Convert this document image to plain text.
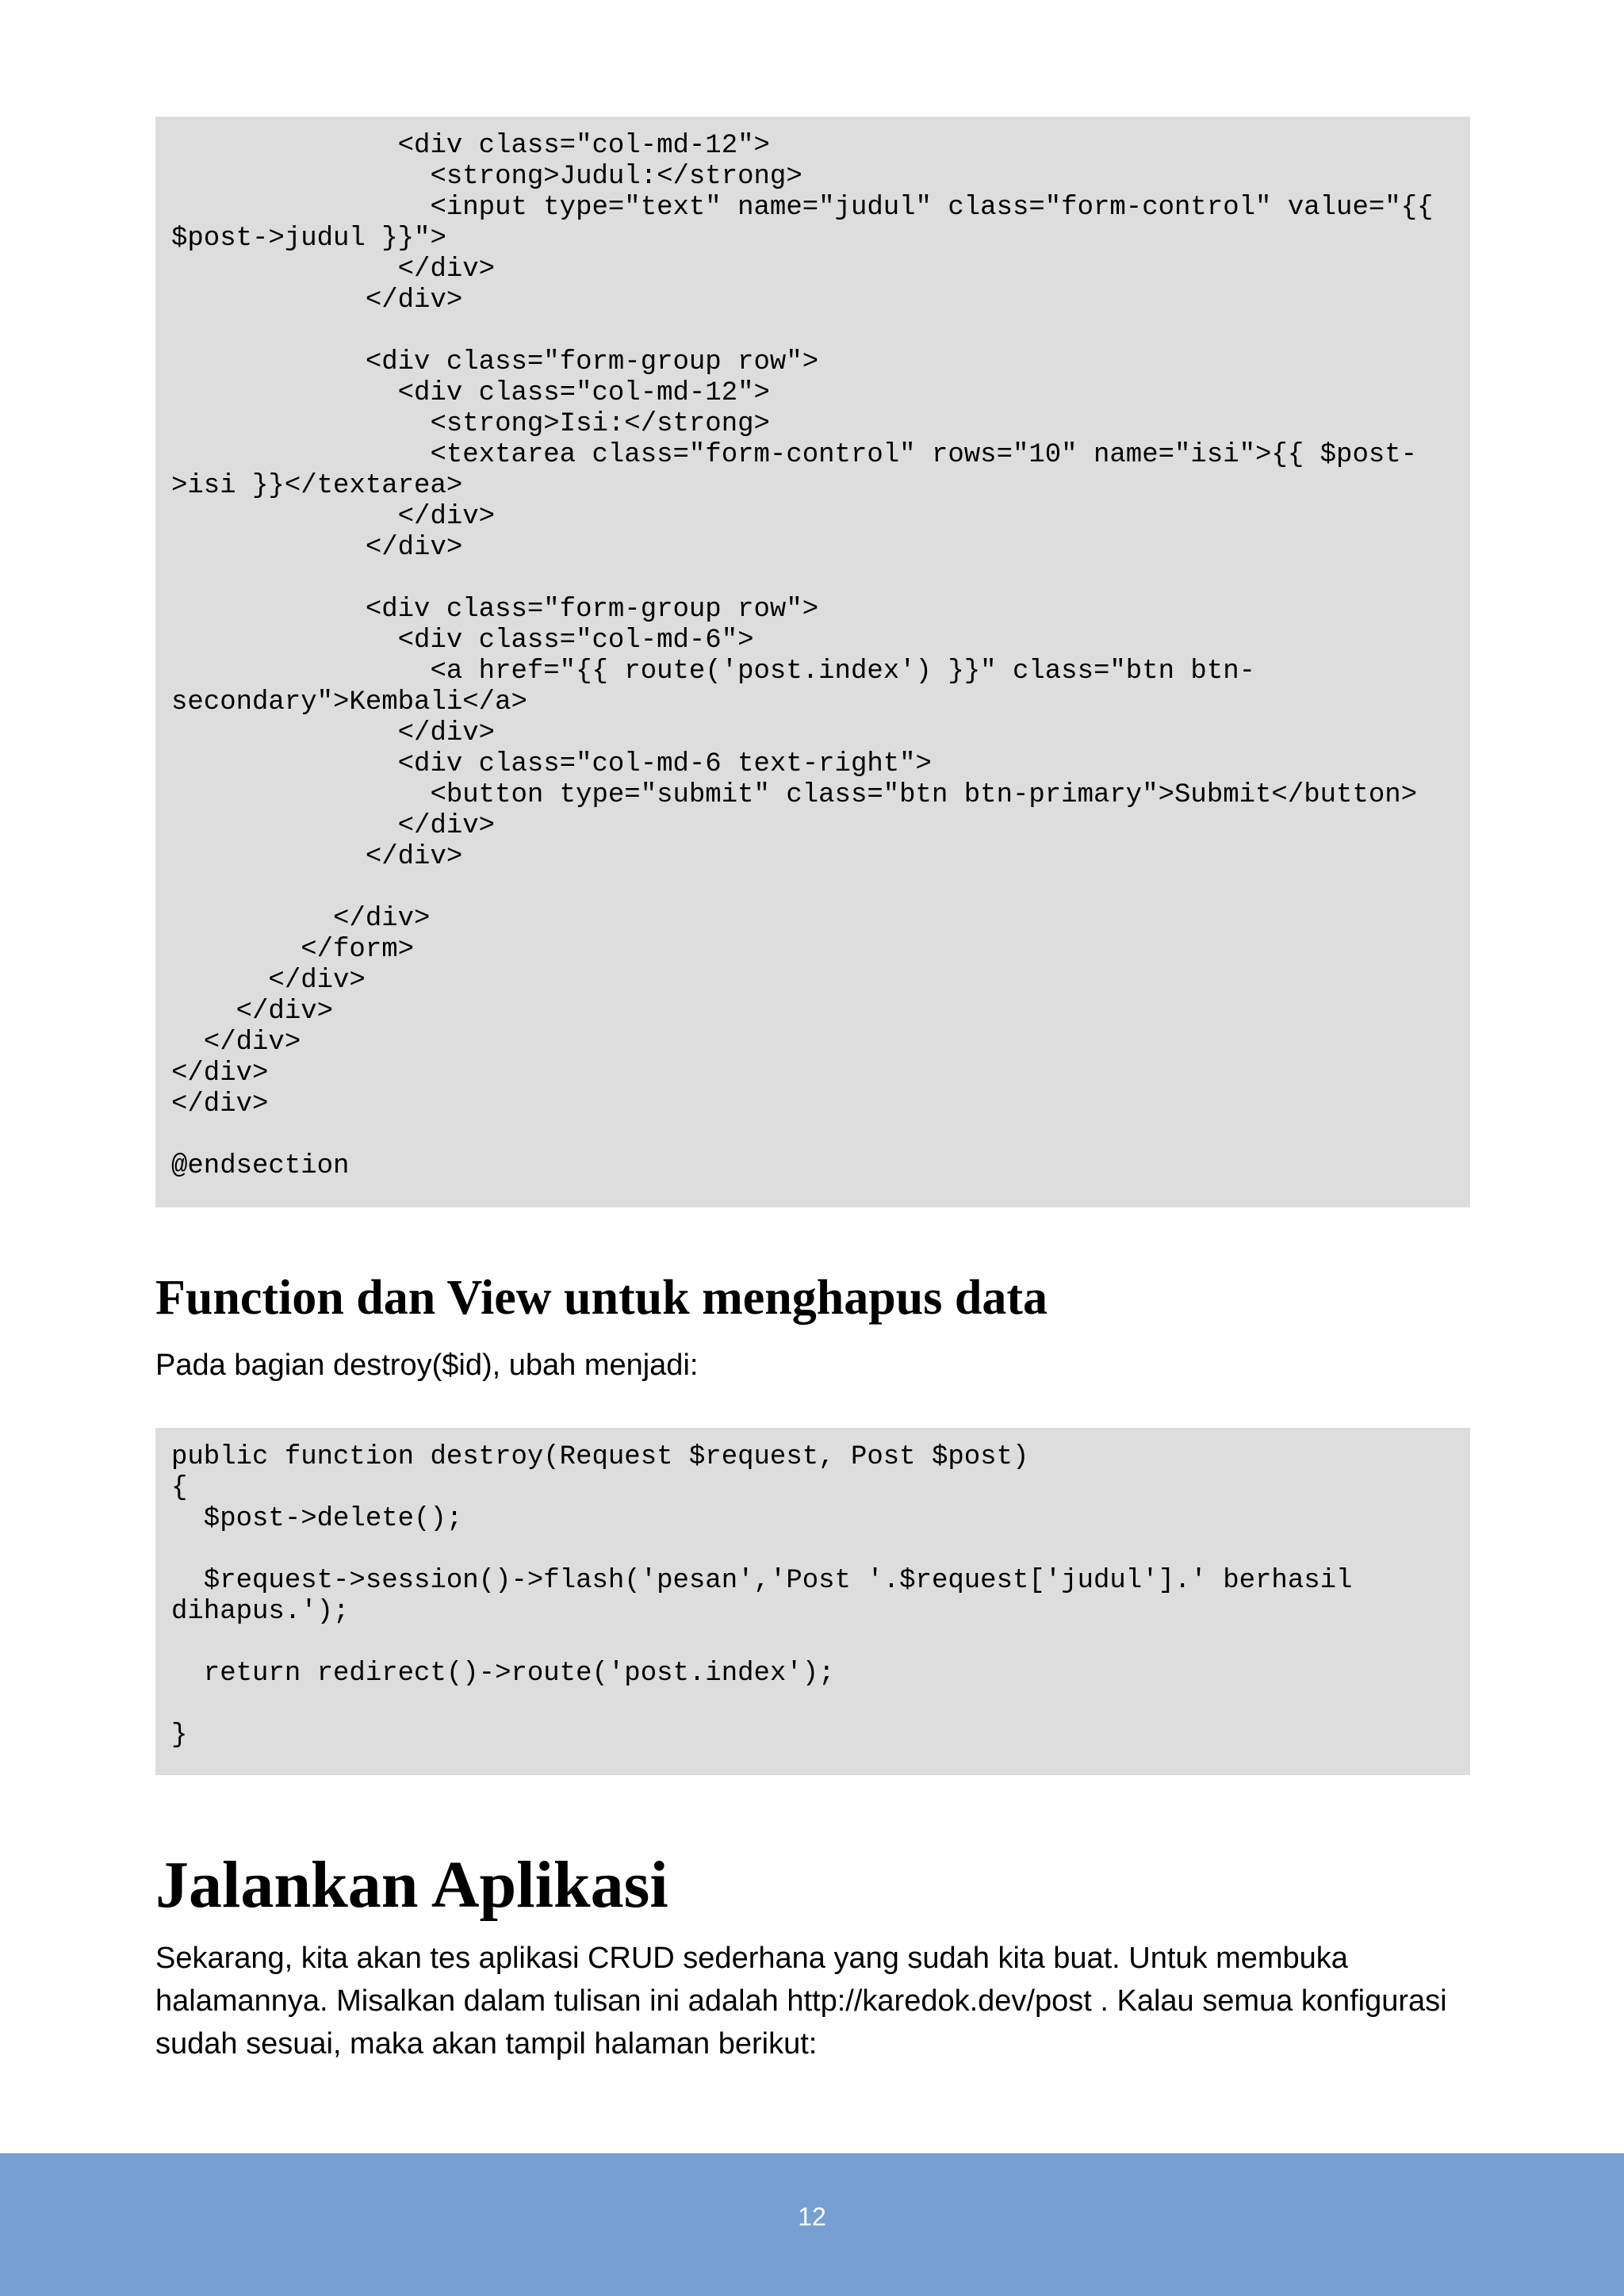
<div class="col-md-12">
<strong>Judul:</strong>
<input type="text" name="judul" class="form-control" value="{{
$post->judul }}">
</div>
</div>

<div class="form-group row">
<div class="col-md-12">
<strong>Isi:</strong>
<textarea class="form-control" rows="10" name="isi">{{ $post-
>isi }}</textarea>
</div>
</div>

<div class="form-group row">
<div class="col-md-6">
<a href="{{ route('post.index') }}" class="btn btn-
secondary">Kembali</a>
</div>
<div class="col-md-6 text-right">
<button type="submit" class="btn btn-primary">Submit</button>
</div>
</div>

</div>
</form>
</div>
</div>
</div>
</div>
</div>

@endsection
Function dan View untuk menghapus data

Pada bagian destroy($id), ubah menjadi:

public function destroy(Request $request, Post $post)
{
$post->delete();

$request->session()->flash('pesan','Post '.$request['judul'].' berhasil
dihapus.');

return redirect()->route('post.index');

}
Jalankan Aplikasi

Sekarang, kita akan tes aplikasi CRUD sederhana yang sudah kita buat. Untuk membuka halamannya. Misalkan dalam tulisan ini adalah http://karedok.dev/post . Kalau semua konfigurasi sudah sesuai, maka akan tampil halaman berikut:

12
